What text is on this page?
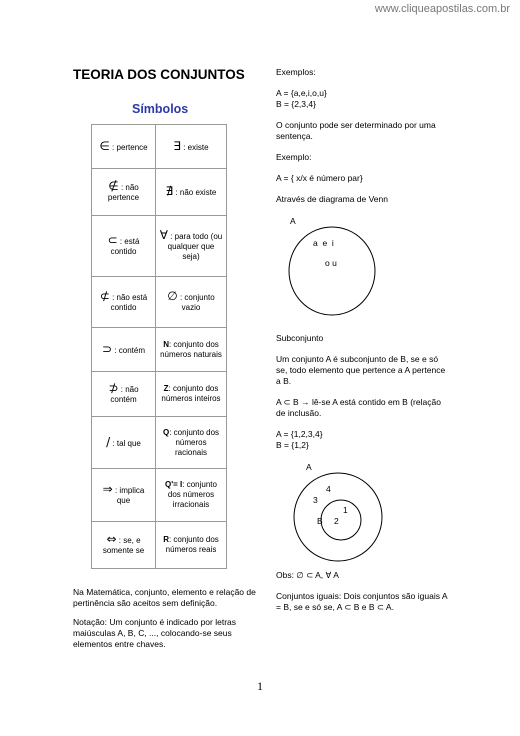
www.cliqueapostilas.com.br
TEORIA DOS CONJUNTOS
Símbolos
∈ : pertence	∃ : existe
∉ : não pertence	∄ : não existe
⊂ : está contido	∀ : para todo (ou qualquer que seja)
⊄ : não está contido	∅ : conjunto vazio
⊃ : contém	N: conjunto dos números naturais
⊅ : não contém	Z: conjunto dos números inteiros
/ : tal que	Q: conjunto dos números racionais
⇒ : implica que	Q'= I: conjunto dos números irracionais
⇔ : se, e somente se	R: conjunto dos números reais

Na Matemática, conjunto, elemento e relação de pertinência são aceitos sem definição.

Notação: Um conjunto é indicado por letras maiúsculas A, B, C, ..., colocando-se seus elementos entre chaves.

Exemplos:

A = {a,e,i,o,u}

B = {2,3,4}

O conjunto pode ser determinado por uma sentença.

Exemplo:

A = { x/x é número par}

Através de diagrama de Venn

A
a  e  i
o u

Subconjunto

Um conjunto A é subconjunto de B, se e só se, todo elemento que pertence a A pertence a B.

A ⊂ B → lê-se A está contido em B (relação de inclusão.

A = {1,2,3,4}

B = {1,2}

A
4
3
1
B 2

Obs: ∅ ⊂ A, ∀ A

Conjuntos iguais: Dois conjuntos são iguais A = B, se e só se, A ⊂ B e B ⊂ A.

1
